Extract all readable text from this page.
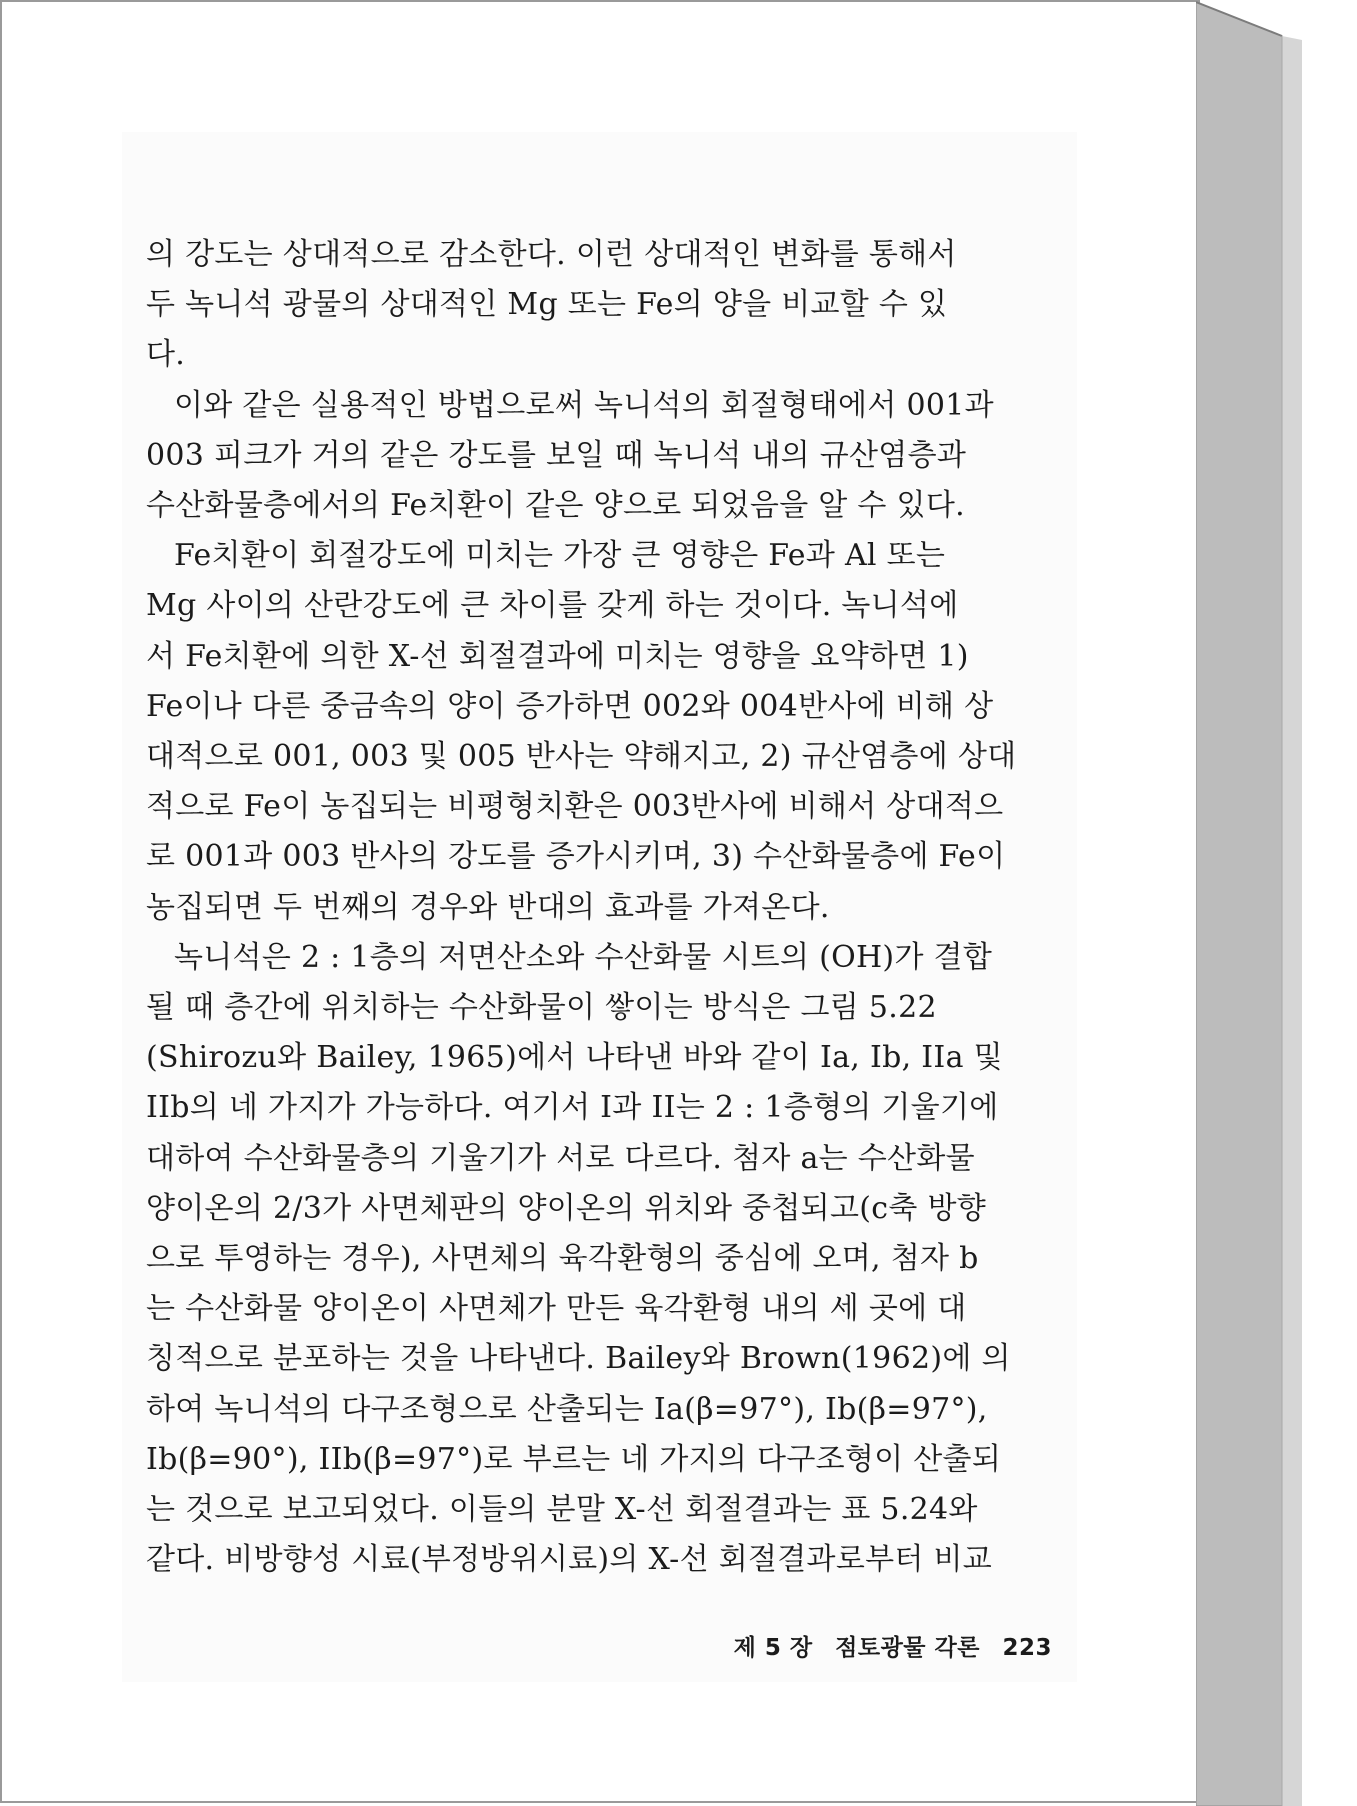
의 강도는 상대적으로 감소한다. 이런 상대적인 변화를 통해서
두 녹니석 광물의 상대적인 Mg 또는 Fe의 양을 비교할 수 있
다.

이와 같은 실용적인 방법으로써 녹니석의 회절형태에서 001과
003 피크가 거의 같은 강도를 보일 때 녹니석 내의 규산염층과
수산화물층에서의 Fe치환이 같은 양으로 되었음을 알 수 있다.

Fe치환이 회절강도에 미치는 가장 큰 영향은 Fe과 Al 또는
Mg 사이의 산란강도에 큰 차이를 갖게 하는 것이다. 녹니석에
서 Fe치환에 의한 X-선 회절결과에 미치는 영향을 요약하면 1)
Fe이나 다른 중금속의 양이 증가하면 002와 004반사에 비해 상
대적으로 001, 003 및 005 반사는 약해지고, 2) 규산염층에 상대
적으로 Fe이 농집되는 비평형치환은 003반사에 비해서 상대적으
로 001과 003 반사의 강도를 증가시키며, 3) 수산화물층에 Fe이
농집되면 두 번째의 경우와 반대의 효과를 가져온다.

녹니석은 2 : 1층의 저면산소와 수산화물 시트의 (OH)가 결합
될 때 층간에 위치하는 수산화물이 쌓이는 방식은 그림 5.22
(Shirozu와 Bailey, 1965)에서 나타낸 바와 같이 Ia, Ib, IIa 및
IIb의 네 가지가 가능하다. 여기서 I과 II는 2 : 1층형의 기울기에
대하여 수산화물층의 기울기가 서로 다르다. 첨자 a는 수산화물
양이온의 2/3가 사면체판의 양이온의 위치와 중첩되고(c축 방향
으로 투영하는 경우), 사면체의 육각환형의 중심에 오며, 첨자 b
는 수산화물 양이온이 사면체가 만든 육각환형 내의 세 곳에 대
칭적으로 분포하는 것을 나타낸다. Bailey와 Brown(1962)에 의
하여 녹니석의 다구조형으로 산출되는 Ia(β=97°), Ib(β=97°),
Ib(β=90°), IIb(β=97°)로 부르는 네 가지의 다구조형이 산출되
는 것으로 보고되었다. 이들의 분말 X-선 회절결과는 표 5.24와
같다. 비방향성 시료(부정방위시료)의 X-선 회절결과로부터 비교

제 5 장 점토광물 각론 223
